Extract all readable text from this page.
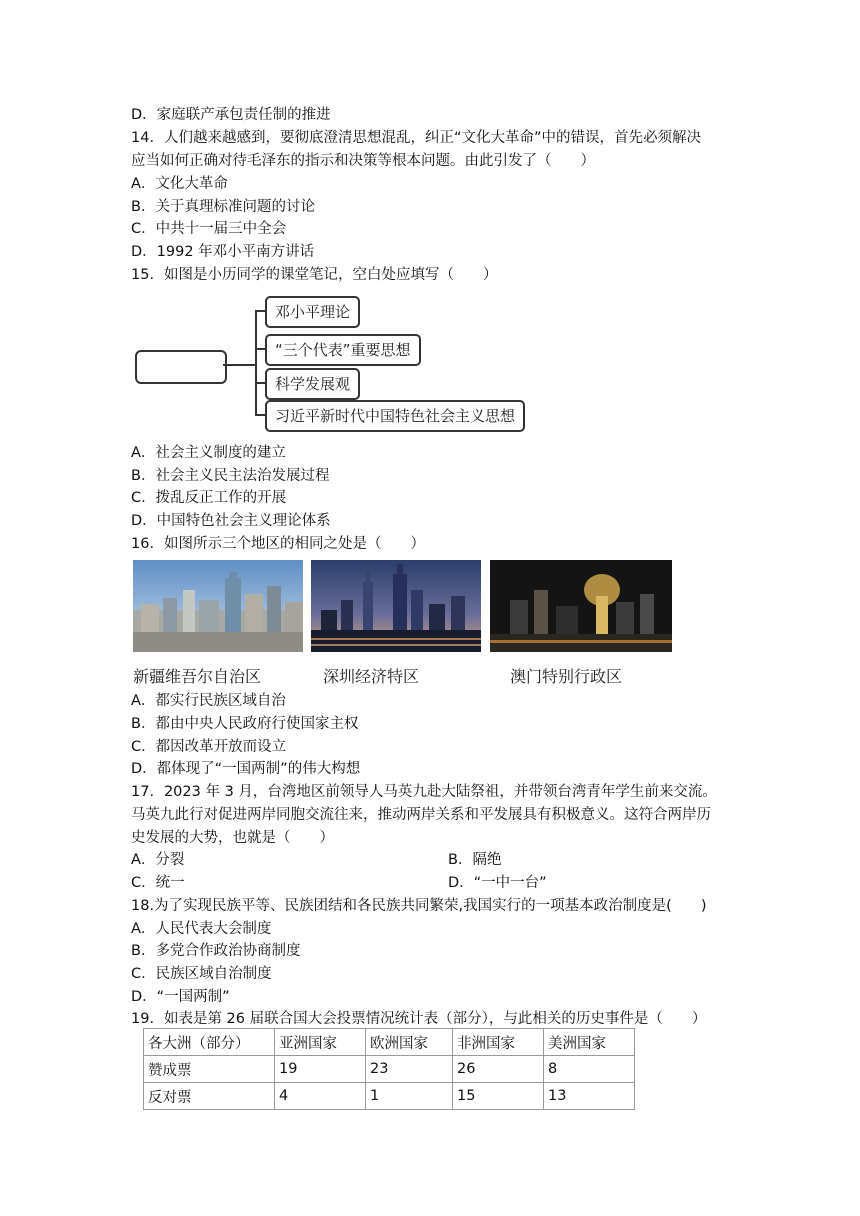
D．家庭联产承包责任制的推进
14．人们越来越感到，要彻底澄清思想混乱，纠正“文化大革命”中的错误，首先必须解决
应当如何正确对待毛泽东的指示和决策等根本问题。由此引发了（　　）
A．文化大革命
B．关于真理标准问题的讨论
C．中共十一届三中全会
D．1992 年邓小平南方讲话
15．如图是小历同学的课堂笔记，空白处应填写（　　）
邓小平理论
“三个代表”重要思想
科学发展观
习近平新时代中国特色社会主义思想
A．社会主义制度的建立
B．社会主义民主法治发展过程
C．拨乱反正工作的开展
D．中国特色社会主义理论体系
16．如图所示三个地区的相同之处是（　　）
新疆维吾尔自治区	深圳经济特区	澳门特别行政区
A．都实行民族区域自治
B．都由中央人民政府行使国家主权
C．都因改革开放而设立
D．都体现了“一国两制”的伟大构想
17．2023 年 3 月，台湾地区前领导人马英九赴大陆祭祖，并带领台湾青年学生前来交流。
马英九此行对促进两岸同胞交流往来，推动两岸关系和平发展具有积极意义。这符合两岸历
史发展的大势，也就是（　　）
A．分裂	B．隔绝
C．统一	D．“一中一台”
18.为了实现民族平等、民族团结和各民族共同繁荣,我国实行的一项基本政治制度是(　　)
A．人民代表大会制度
B．多党合作政治协商制度
C．民族区域自治制度
D．“一国两制”
19．如表是第 26 届联合国大会投票情况统计表（部分），与此相关的历史事件是（　　）
各大洲（部分）	亚洲国家	欧洲国家	非洲国家	美洲国家
赞成票	19	23	26	8
反对票	4	1	15	13
